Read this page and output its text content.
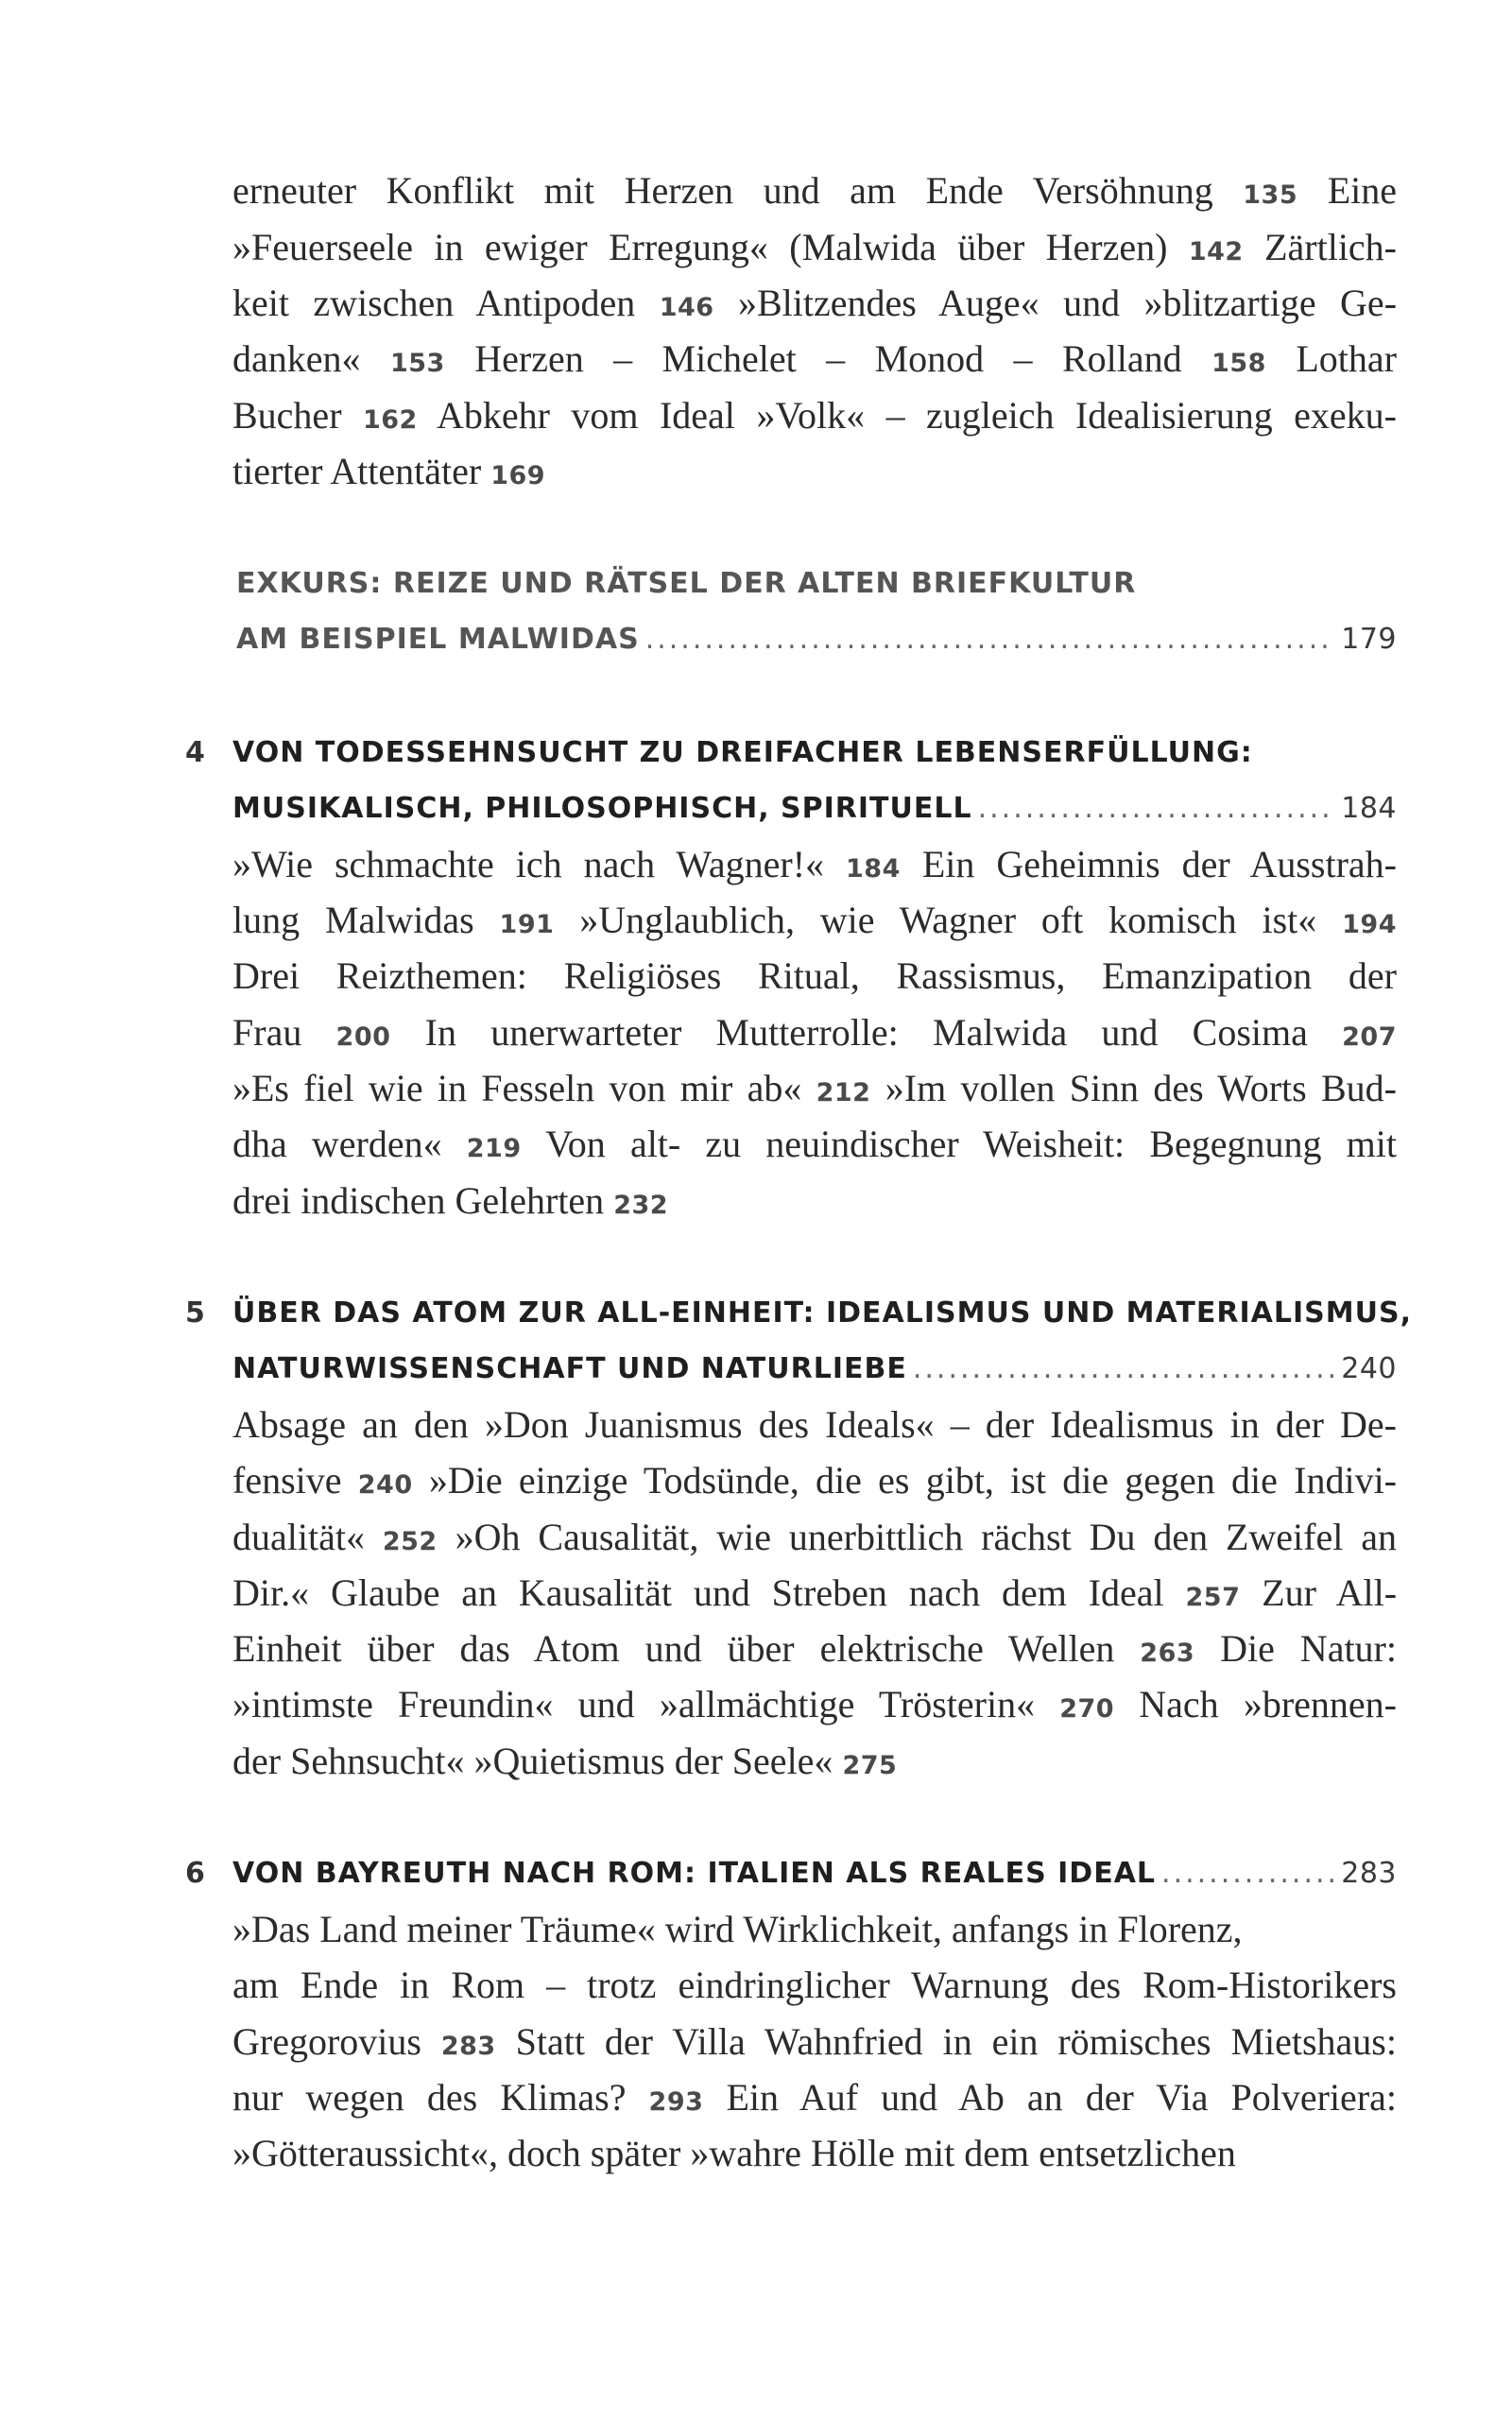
erneuter Konflikt mit Herzen und am Ende Versöhnung 135 Eine
»Feuerseele in ewiger Erregung« (Malwida über Herzen) 142 Zärtlich-
keit zwischen Antipoden 146 »Blitzendes Auge« und »blitzartige Ge-
danken« 153 Herzen – Michelet – Monod – Rolland 158 Lothar
Bucher 162 Abkehr vom Ideal »Volk« – zugleich Idealisierung exeku-
tierter Attentäter 169
EXKURS: REIZE UND RÄTSEL DER ALTEN BRIEFKULTUR
AM BEISPIEL MALWIDAS .....	179
4 VON TODESSEHNSUCHT ZU DREIFACHER LEBENSERFÜLLUNG:
MUSIKALISCH, PHILOSOPHISCH, SPIRITUELL .....	184
»Wie schmachte ich nach Wagner!« 184 Ein Geheimnis der Ausstrah-
lung Malwidas 191 »Unglaublich, wie Wagner oft komisch ist« 194
Drei Reizthemen: Religiöses Ritual, Rassismus, Emanzipation der
Frau 200 In unerwarteter Mutterrolle: Malwida und Cosima 207
»Es fiel wie in Fesseln von mir ab« 212 »Im vollen Sinn des Worts Bud-
dha werden« 219 Von alt- zu neuindischer Weisheit: Begegnung mit
drei indischen Gelehrten 232
5 ÜBER DAS ATOM ZUR ALL-EINHEIT: IDEALISMUS UND MATERIALISMUS,
NATURWISSENSCHAFT UND NATURLIEBE .....	240
Absage an den »Don Juanismus des Ideals« – der Idealismus in der De-
fensive 240 »Die einzige Todsünde, die es gibt, ist die gegen die Indivi-
dualität« 252 »Oh Causalität, wie unerbittlich rächst Du den Zweifel an
Dir.« Glaube an Kausalität und Streben nach dem Ideal 257 Zur All-
Einheit über das Atom und über elektrische Wellen 263 Die Natur:
»intimste Freundin« und »allmächtige Trösterin« 270 Nach »brennen-
der Sehnsucht« »Quietismus der Seele« 275
6 VON BAYREUTH NACH ROM: ITALIEN ALS REALES IDEAL .....	283
»Das Land meiner Träume« wird Wirklichkeit, anfangs in Florenz,
am Ende in Rom – trotz eindringlicher Warnung des Rom-Historikers
Gregorovius 283 Statt der Villa Wahnfried in ein römisches Mietshaus:
nur wegen des Klimas? 293 Ein Auf und Ab an der Via Polveriera:
»Götteraussicht«, doch später »wahre Hölle mit dem entsetzlichen
